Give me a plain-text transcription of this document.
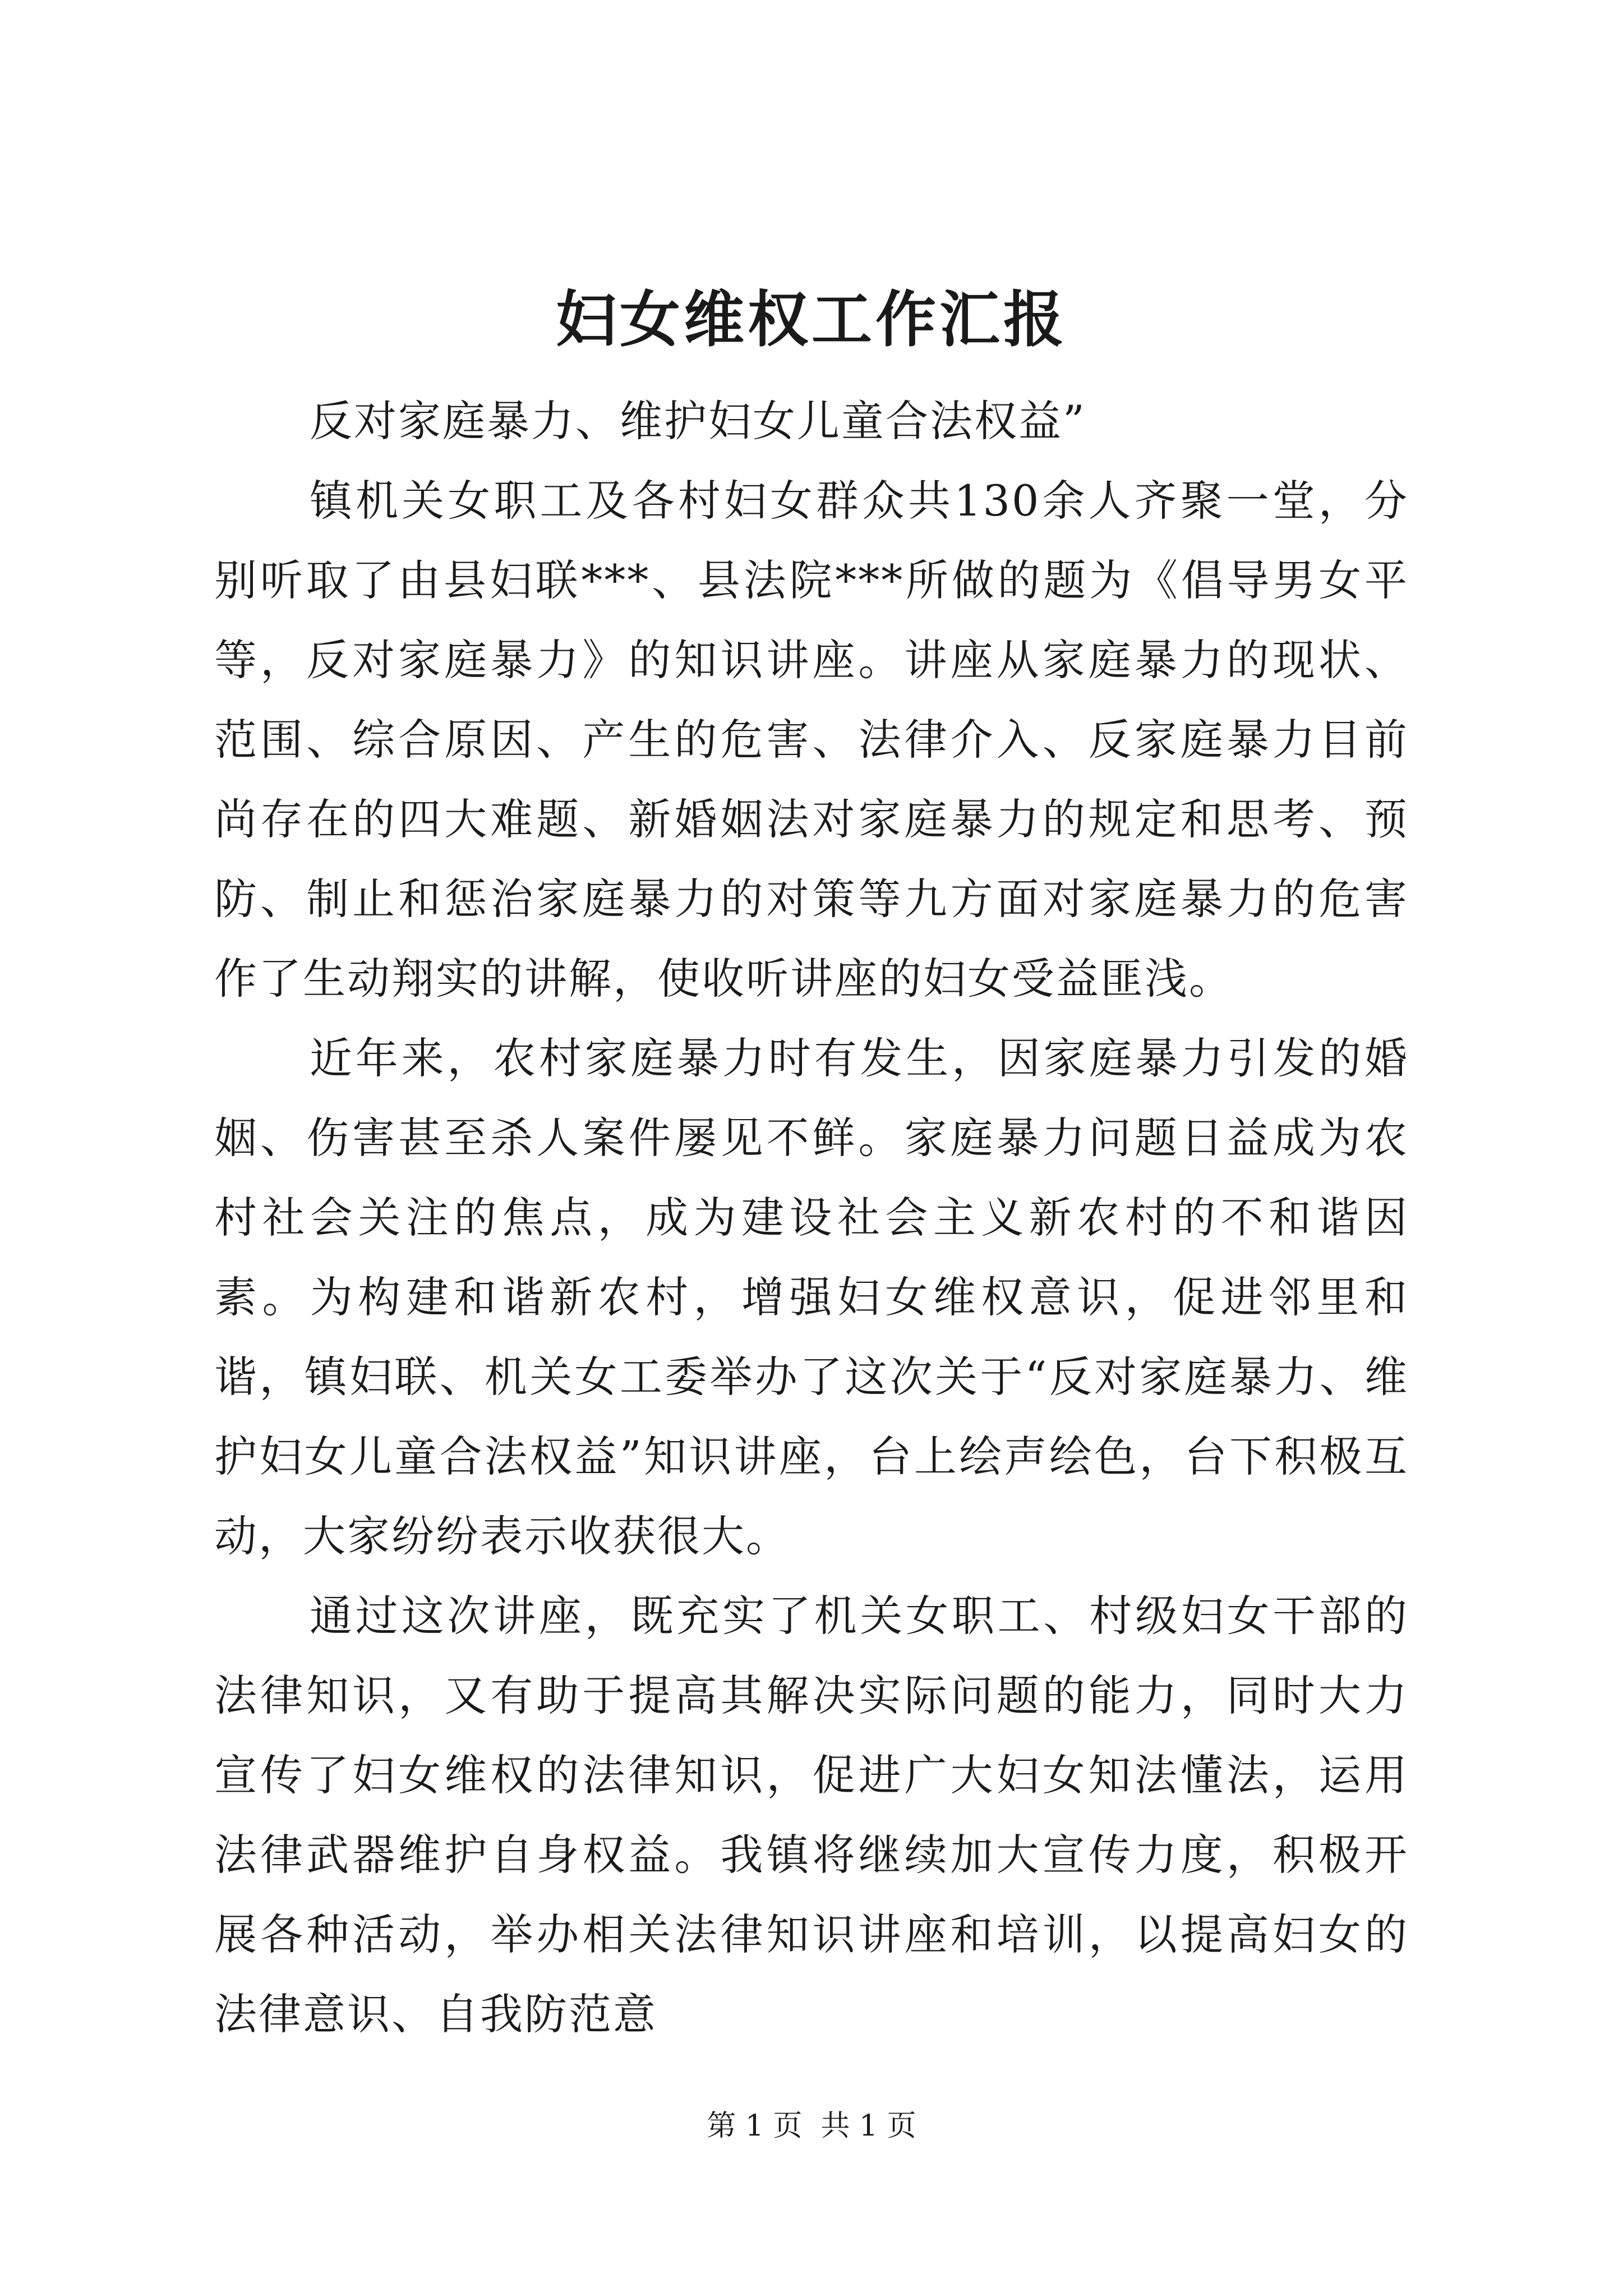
妇女维权工作汇报

反对家庭暴力、维护妇女儿童合法权益”

镇机关女职工及各村妇女群众共130余人齐聚一堂，分别听取了由县妇联***、县法院***所做的题为《倡导男女平等，反对家庭暴力》的知识讲座。讲座从家庭暴力的现状、范围、综合原因、产生的危害、法律介入、反家庭暴力目前尚存在的四大难题、新婚姻法对家庭暴力的规定和思考、预防、制止和惩治家庭暴力的对策等九方面对家庭暴力的危害作了生动翔实的讲解，使收听讲座的妇女受益匪浅。

近年来，农村家庭暴力时有发生，因家庭暴力引发的婚姻、伤害甚至杀人案件屡见不鲜。家庭暴力问题日益成为农村社会关注的焦点，成为建设社会主义新农村的不和谐因素。为构建和谐新农村，增强妇女维权意识，促进邻里和谐，镇妇联、机关女工委举办了这次关于“反对家庭暴力、维护妇女儿童合法权益”知识讲座，台上绘声绘色，台下积极互动，大家纷纷表示收获很大。

通过这次讲座，既充实了机关女职工、村级妇女干部的法律知识，又有助于提高其解决实际问题的能力，同时大力宣传了妇女维权的法律知识，促进广大妇女知法懂法，运用法律武器维护自身权益。我镇将继续加大宣传力度，积极开展各种活动，举办相关法律知识讲座和培训，以提高妇女的法律意识、自我防范意

第 1 页  共 1 页
